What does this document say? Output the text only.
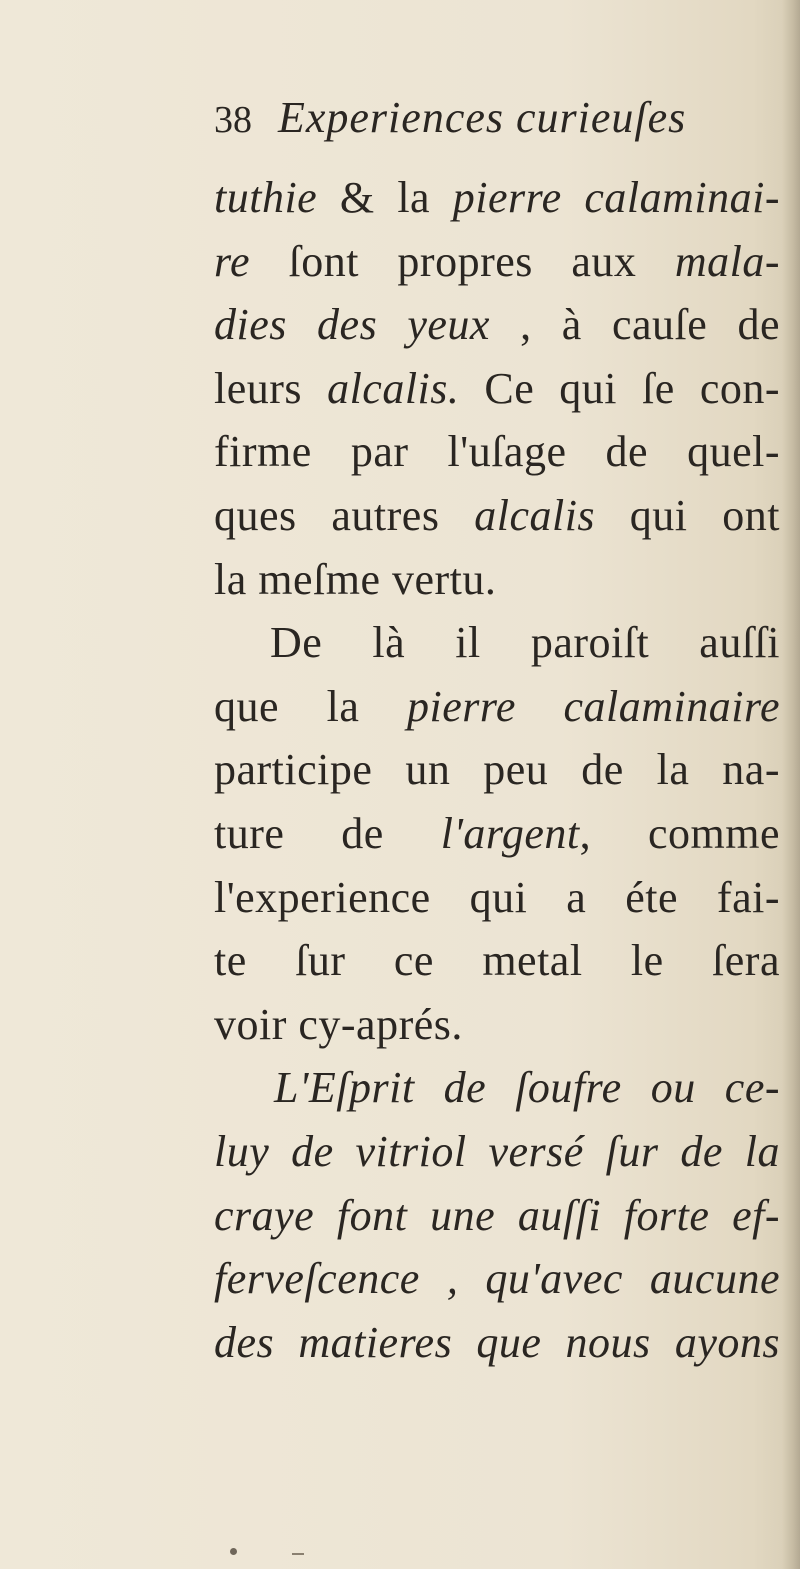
38 Experiences curieuſes
tuthie & la pierre calaminai-
re ſont propres aux mala-
dies des yeux , à cauſe de
leurs alcalis. Ce qui ſe con-
firme par l'uſage de quel-
ques autres alcalis qui ont
la meſme vertu.
De là il paroiſt auſſi
que la pierre calaminaire
participe un peu de la na-
ture de l'argent, comme
l'experience qui a éte fai-
te ſur ce metal le ſera
voir cy-aprés.
L'Eſprit de ſoufre ou ce-
luy de vitriol versé ſur de la
craye font une auſſi forte ef-
ferveſcence , qu'avec aucune
des matieres que nous ayons
